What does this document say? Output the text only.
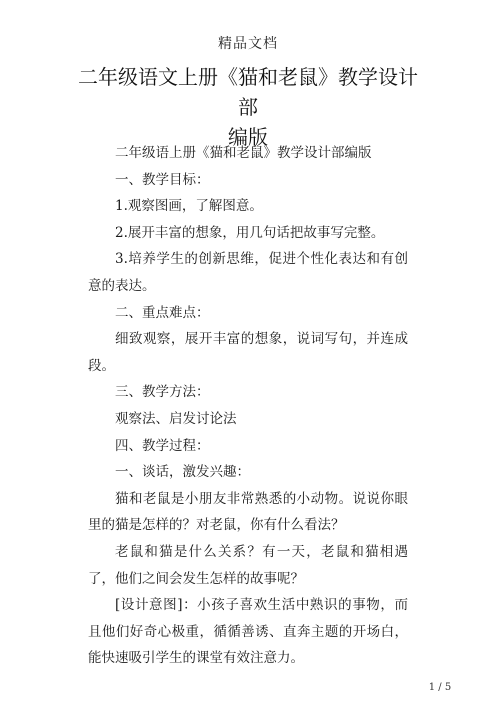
精品文档
二年级语文上册《猫和老鼠》教学设计部
编版

二年级语上册《猫和老鼠》教学设计部编版

一、教学目标：

1.观察图画，了解图意。

2.展开丰富的想象，用几句话把故事写完整。

3.培养学生的创新思维，促进个性化表达和有创意的表达。

二、重点难点：

细致观察，展开丰富的想象，说词写句，并连成段。

三、教学方法：

观察法、启发讨论法

四、教学过程：

一、谈话，激发兴趣：

猫和老鼠是小朋友非常熟悉的小动物。说说你眼里的猫是怎样的？对老鼠，你有什么看法？

老鼠和猫是什么关系？有一天，老鼠和猫相遇了，他们之间会发生怎样的故事呢？

[设计意图]：小孩子喜欢生活中熟识的事物，而且他们好奇心极重，循循善诱、直奔主题的开场白，能快速吸引学生的课堂有效注意力。

1 / 5
